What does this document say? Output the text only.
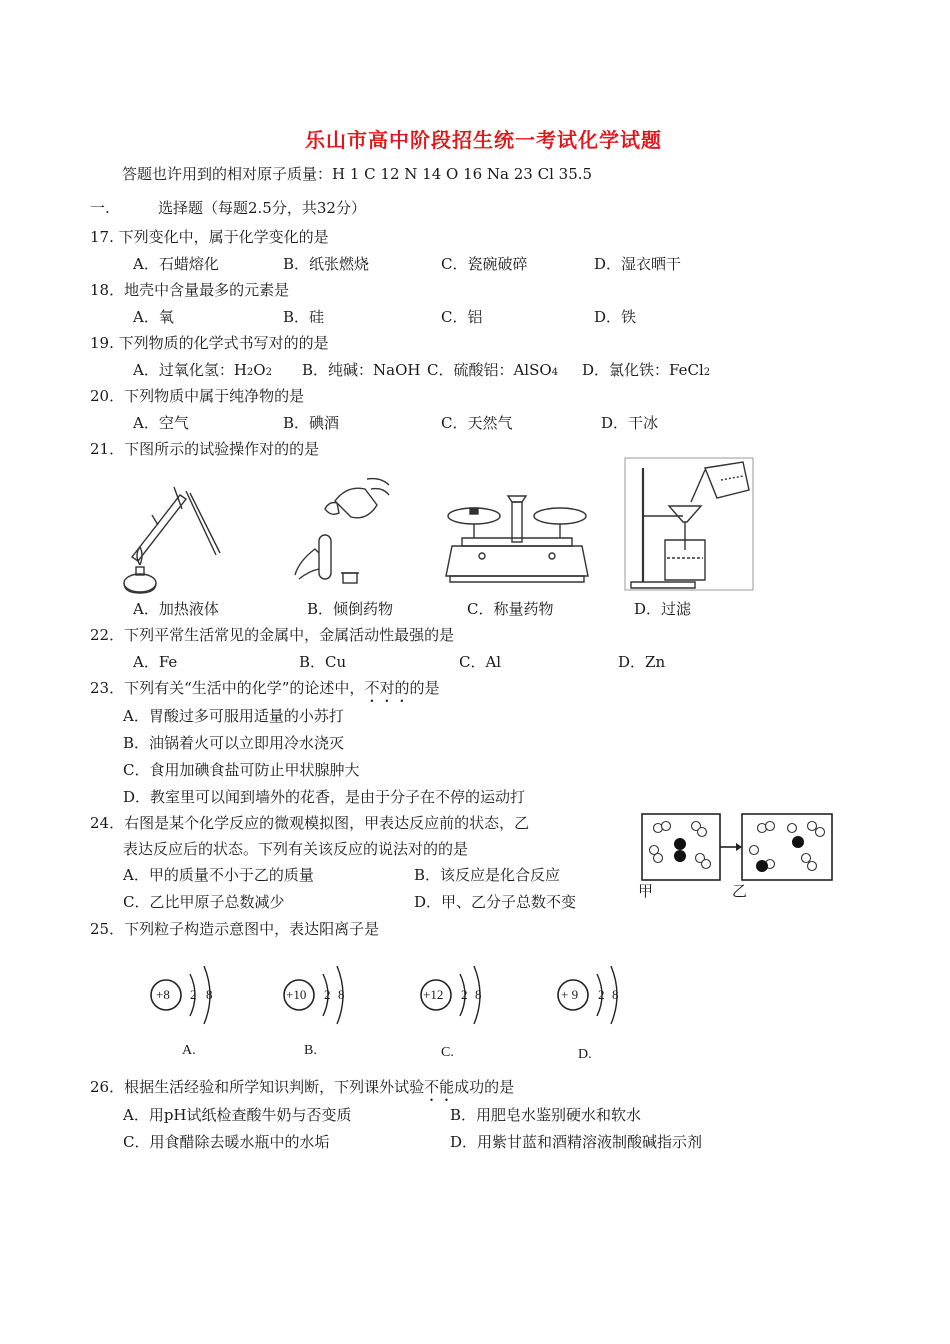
乐山市高中阶段招生统一考试化学试题
答题也许用到的相对原子质量：H 1 C 12 N 14 O 16 Na 23 Cl 35.5
一.	选择题（每题2.5分，共32分）
17. 下列变化中，属于化学变化的是
A．石蜡熔化	B．纸张燃烧	C．瓷碗破碎	D．湿衣晒干
18．地壳中含量最多的元素是
A．氧	B．硅	C．铝	D．铁
19. 下列物质的化学式书写对的的是
A．过氧化氢：H2O2 B．纯碱：NaOH C．硫酸铝：AlSO4 D．氯化铁：FeCl2
20．下列物质中属于纯净物的是
A．空气	B．碘酒	C．天然气	D．干冰
21．下图所示的试验操作对的的是
A．加热液体	B．倾倒药物	C．称量药物	D．过滤
22．下列平常生活常见的金属中，金属活动性最强的是
A．Fe	B．Cu	C．Al	D．Zn
23．下列有关“生活中的化学”的论述中，不对的的是
A．胃酸过多可服用适量的小苏打
B．油锅着火可以立即用冷水浇灭
C．食用加碘食盐可防止甲状腺肿大
D．教室里可以闻到墙外的花香，是由于分子在不停的运动打
24．右图是某个化学反应的微观模拟图，甲表达反应前的状态，乙
表达反应后的状态。下列有关该反应的说法对的的是
A．甲的质量不小于乙的质量	B．该反应是化合反应
C．乙比甲原子总数减少	D．甲、乙分子总数不变
甲	乙
25．下列粒子构造示意图中，表达阳离子是
+8 2 8	+10 2 8	+12 2 8	+ 9 2 8
A.	B.	C.	D.
26．根据生活经验和所学知识判断，下列课外试验不能成功的是
A．用pH试纸检查酸牛奶与否变质	B．用肥皂水鉴别硬水和软水
C．用食醋除去暖水瓶中的水垢	D．用紫甘蓝和酒精溶液制酸碱指示剂
